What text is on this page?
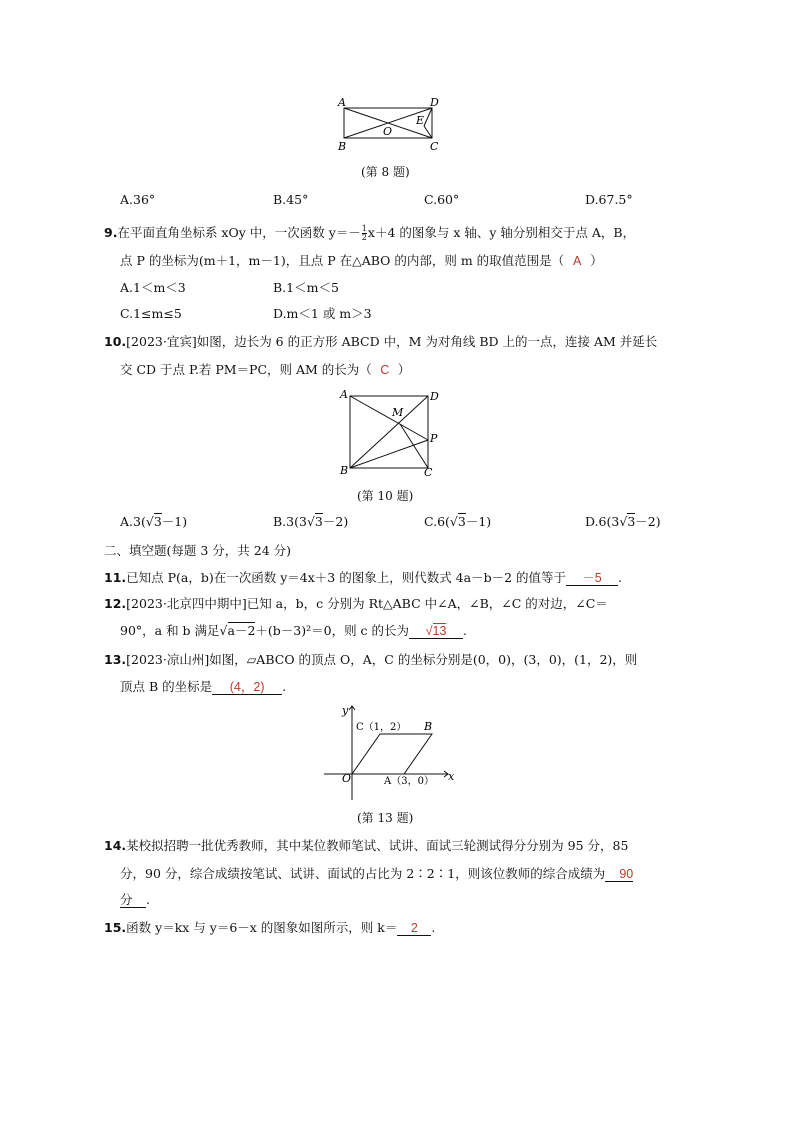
A
B	C
D
O
E
(第 8 题)
A.36°	B.45°	C.60°	D.67.5°
9.在平面直角坐标系 xOy 中，一次函数 $y=- \frac{1}{2} x+4$ 的图象与 x 轴、y 轴分别相交于点 A，B，
点 P 的坐标为(m＋1，m－1)，且点 P 在△ABO 的内部，则 m 的取值范围是（ A ）
A.1＜m＜3	B.1＜m＜5
C.1≤m≤5	D.m＜1 或 m＞3
10.[2023·宜宾]如图，边长为 6 的正方形 ABCD 中，M 为对角线 BD 上的一点，连接 AM 并延长
交 CD 于点 P.若 PM＝PC，则 AM 的长为（ C ）
A
B	C
D
M
P
(第 10 题)
A.3(√3－1)	B.3(3√3－2)	C.6(√3－1)	D.6(3√3－2)
二、填空题(每题 3 分，共 24 分)
11.已知点 P(a，b)在一次函数 y＝4x＋3 的图象上，则代数式 4a－b－2 的值等于 －5 .
12.[2023·北京四中期中]已知 a，b，c 分别为 Rt△ABC 中∠A，∠B，∠C 的对边，∠C＝
90°，a 和 b 满足√a－2＋(b－3)²＝0，则 c 的长为 √13 .
13.[2023·凉山州]如图，▱ABCO 的顶点 O，A，C 的坐标分别是(0，0)，(3，0)，(1，2)，则
顶点 B 的坐标是 (4，2) .
y
x
O
C（1，2） B
A（3，0）
(第 13 题)
14.某校拟招聘一批优秀教师，其中某位教师笔试、试讲、面试三轮测试得分分别为 95 分，85
分，90 分，综合成绩按笔试、试讲、面试的占比为 2∶2∶1，则该位教师的综合成绩为 90
分 .
15.函数 y＝kx 与 y＝6－x 的图象如图所示，则 k＝ 2 .
